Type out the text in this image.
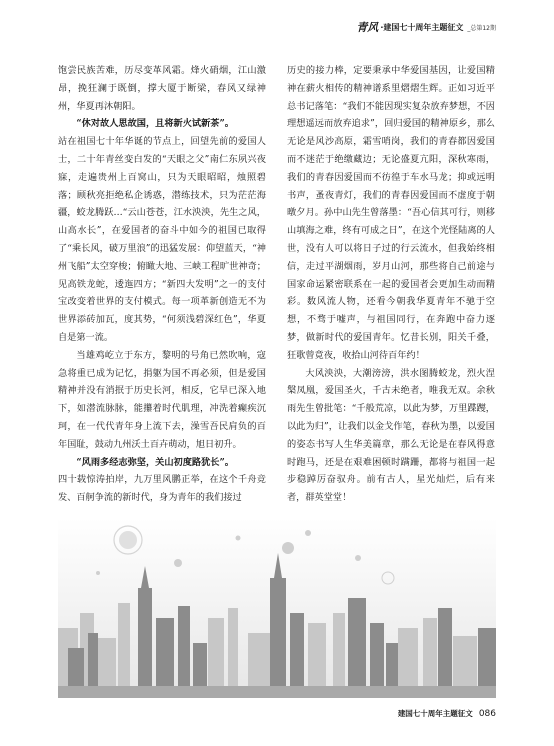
青风 ·建国七十周年主题征文 _总第12期

饱尝民族苦难，历尽变革风霜。烽火硝烟，江山激昂，挽狂澜于既倒，撑大厦于断梁，春风又绿神州，华夏再沐朝阳。

“休对故人思故国，且将新火试新茶”。

站在祖国七十年华诞的节点上，回望先前的爱国人士，二十年青丝变白发的“天眼之父”南仁东夙兴夜寐，走遍贵州上百窝山，只为天眼昭昭，烛照碧落；顾秋亮拒绝私企诱惑，潜练技术，只为茫茫海疆，蛟龙腾跃…“云山苍苍，江水泱泱，先生之风，山高水长”，在爱国者的奋斗中如今的祖国已取得了“乘长风，破万里浪”的迅猛发展：仰望蓝天，“神州飞船”太空穿梭；俯瞰大地、三峡工程旷世神奇；见高铁龙蛇，逶迤四方；“新四大发明”之一的支付宝改变着世界的支付模式。每一项革新创造无不为世界添砖加瓦，度其势，“何须浅碧深红色”，华夏自是第一流。

当雄鸡屹立于东方，黎明的号角已然吹响，寇急将重已成为记忆，捐躯为国不再必须，但是爱国精神并没有消抿于历史长河，相反，它早已深入地下，如潜流脉脉，能攥着时代肌理，冲洗着癫疾沉珂，在一代代青年身上流下去，澡雪吾民肩负的百年国耻，鼓动九州沃土百卉萌动，旭日初升。

“风雨多经志弥坚，关山初度路犹长”。

四十载惊涛拍岸，九万里风鹏正举，在这个千舟竞发、百舸争流的新时代，身为青年的我们接过

历史的接力棒，定要秉承中华爱国基因，让爱国精神在薪火相传的精神谱系里熠熠生辉。正如习近平总书记落笔：“我们不能因现实复杂放弃梦想，不因理想遥远而放弃追求”，回归爱国的精神原乡，那么无论是风沙高原，霜雪哨岗，我们的青春都因爱国而不迷茫于绝缴藏边；无论盛夏亢阳，深秋寒雨，我们的青春因爱国而不彷徨于车水马龙；抑或远明书声，蚤夜青灯，我们的青春因爱国而不虚度于朝暾夕月。孙中山先生曾落墨：“吾心信其可行，则移山填海之难，终有可成之日”，在这个光怪陆离的人世，没有人可以将日子过的行云流水，但我始终相信，走过平湖烟雨，岁月山河，那些将自己前途与国家命运紧密联系在一起的爱国者会更加生动而精彩。数风流人物，还看今朝我华夏青年不驰于空想，不骛于嘘声，与祖国同行，在奔跑中奋力逐梦，做新时代的爱国青年。忆昔长别，阳关千叠，狂歌曾竟夜，收拾山河待百年约！

大风泱泱，大潮滂滂，洪水图腾蛟龙，烈火涅槃凤凰，爱国圣火，千古未绝者，唯我无双。余秋雨先生曾批笔：“千般荒凉，以此为梦，万里蹀躞，以此为归”，让我们以金戈作笔，春秋为墨，以爱国的姿态书写人生华美篇章，那么无论是在春风得意时跑马，还是在艰难困顿时蹒跚，都将与祖国一起步稳踔厉奋驭舟。前有古人，星光灿烂，后有来者，群英堂堂！

建国七十周年主题征文 086
